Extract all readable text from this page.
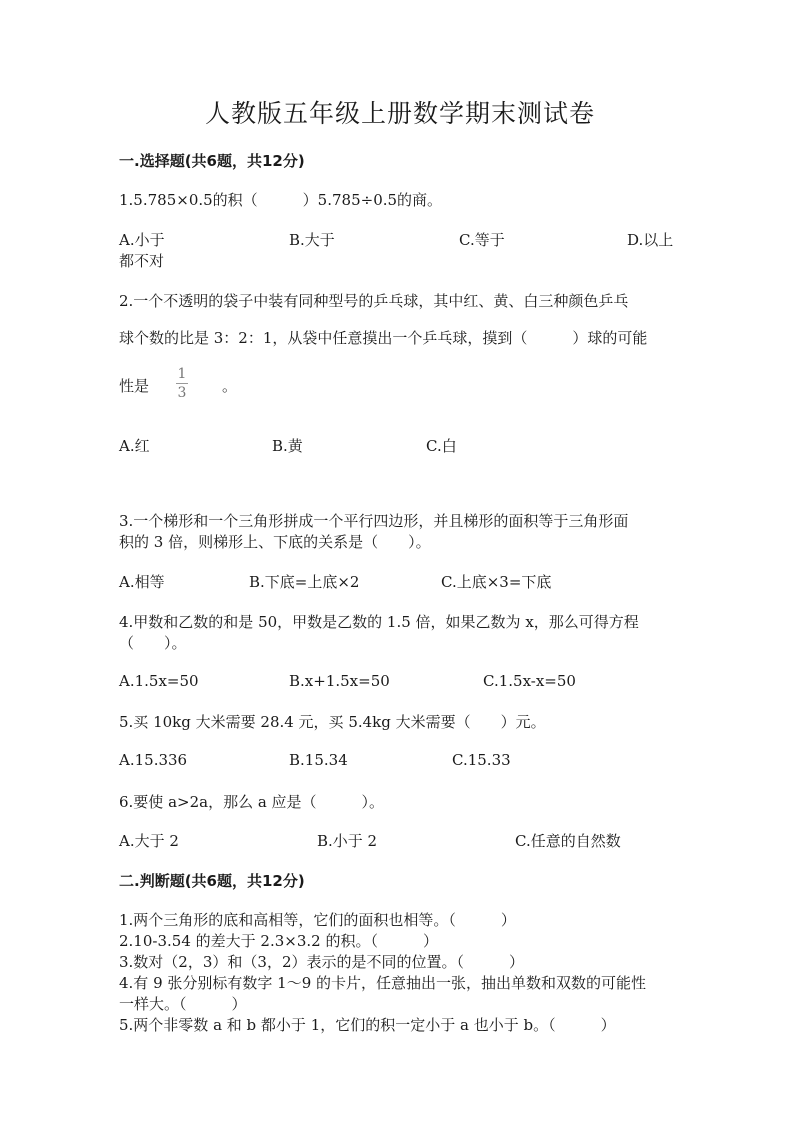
人教版五年级上册数学期末测试卷
一.选择题(共6题，共12分)
1.5.785×0.5的积（　　　）5.785÷0.5的商。
A.小于	B.大于	C.等于	D.以上
都不对
2.一个不透明的袋子中装有同种型号的乒乓球，其中红、黄、白三种颜色乒乓
球个数的比是 3：2：1，从袋中任意摸出一个乒乓球，摸到（　　　）球的可能
性是
1
3 。
A.红	B.黄	C.白
3.一个梯形和一个三角形拼成一个平行四边形，并且梯形的面积等于三角形面
积的 3 倍，则梯形上、下底的关系是（　　）。
A.相等	B.下底=上底×2	C.上底×3=下底
4.甲数和乙数的和是 50，甲数是乙数的 1.5 倍，如果乙数为 x，那么可得方程
（　　）。
A.1.5x=50	B.x+1.5x=50	C.1.5x-x=50
5.买 10kg 大米需要 28.4 元，买 5.4kg 大米需要（　　）元。
A.15.336	B.15.34	C.15.33
6.要使 a>2a，那么 a 应是（　　　）。
A.大于 2	B.小于 2	C.任意的自然数
二.判断题(共6题，共12分)
1.两个三角形的底和高相等，它们的面积也相等。（　　　）
2.10-3.54 的差大于 2.3×3.2 的积。（　　　）
3.数对（2，3）和（3，2）表示的是不同的位置。（　　　）
4.有 9 张分别标有数字 1～9 的卡片，任意抽出一张，抽出单数和双数的可能性
一样大。（　　　）
5.两个非零数 a 和 b 都小于 1，它们的积一定小于 a 也小于 b。（　　　）
